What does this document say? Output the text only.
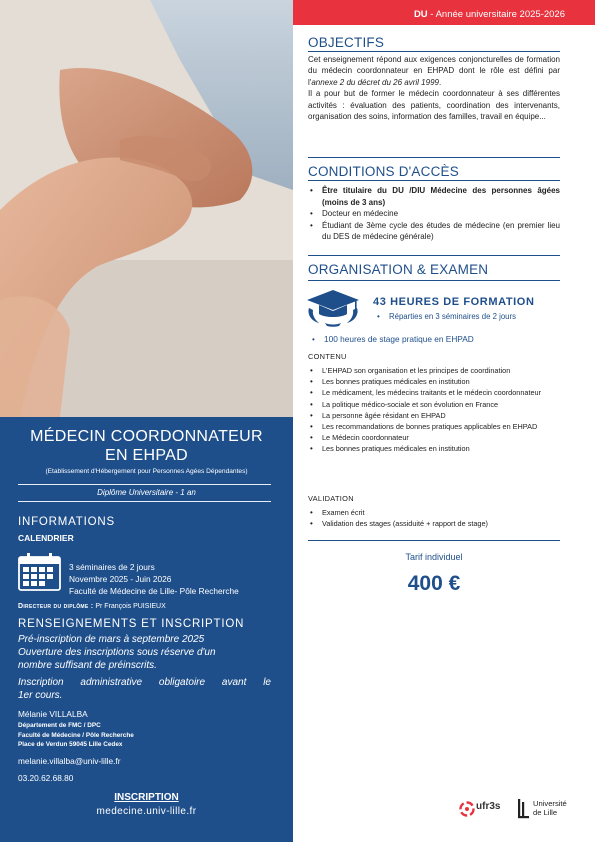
MÉDECIN COORDONNATEUR
EN EHPAD
(Etablissement d'Hébergement pour Personnes Agées Dépendantes)
Diplôme Universitaire - 1 an
INFORMATIONS
CALENDRIER
3 séminaires de 2 jours
Novembre 2025 - Juin 2026
Faculté de Médecine de Lille- Pôle Recherche
Directeur du diplôme : Pr François PUISIEUX
RENSEIGNEMENTS ET INSCRIPTION
Pré-inscription de mars à septembre 2025
Ouverture des inscriptions sous réserve d'un
nombre suffisant de préinscrits.
Inscription administrative obligatoire avant le
1er cours.
Mélanie VILLALBA
Département de FMC / DPC
Faculté de Médecine / Pôle Recherche
Place de Verdun 59045 Lille Cedex
melanie.villalba@univ-lille.fr
03.20.62.68.80
INSCRIPTION
medecine.univ-lille.fr
DU - Année universitaire 2025-2026
OBJECTIFS
Cet enseignement répond aux exigences conjoncturelles de formation du médecin coordonnateur en EHPAD dont le rôle est défini par l'annexe 2 du décret du 26 avril 1999.
Il a pour but de former le médecin coordonnateur à ses différentes activités : évaluation des patients, coordination des intervenants, organisation des soins, information des familles, travail en équipe...
CONDITIONS D'ACCÈS
• Être titulaire du DU /DIU Médecine des personnes âgées (moins de 3 ans)
• Docteur en médecine
• Étudiant de 3ème cycle des études de médecine (en premier lieu du DES de médecine générale)
ORGANISATION & EXAMEN
43 HEURES DE FORMATION
• Réparties en 3 séminaires de 2 jours
• 100 heures de stage pratique en EHPAD
CONTENU
• L'EHPAD son organisation et les principes de coordination
• Les bonnes pratiques médicales en institution
• Le médicament, les médecins traitants et le médecin coordonnateur
• La politique médico-sociale et son évolution en France
• La personne âgée résidant en EHPAD
• Les recommandations de bonnes pratiques applicables en EHPAD
• Le Médecin coordonnateur
• Les bonnes pratiques médicales en institution
VALIDATION
• Examen écrit
• Validation des stages (assiduité + rapport de stage)
Tarif individuel
400 €
ufr3s	Université
de Lille
